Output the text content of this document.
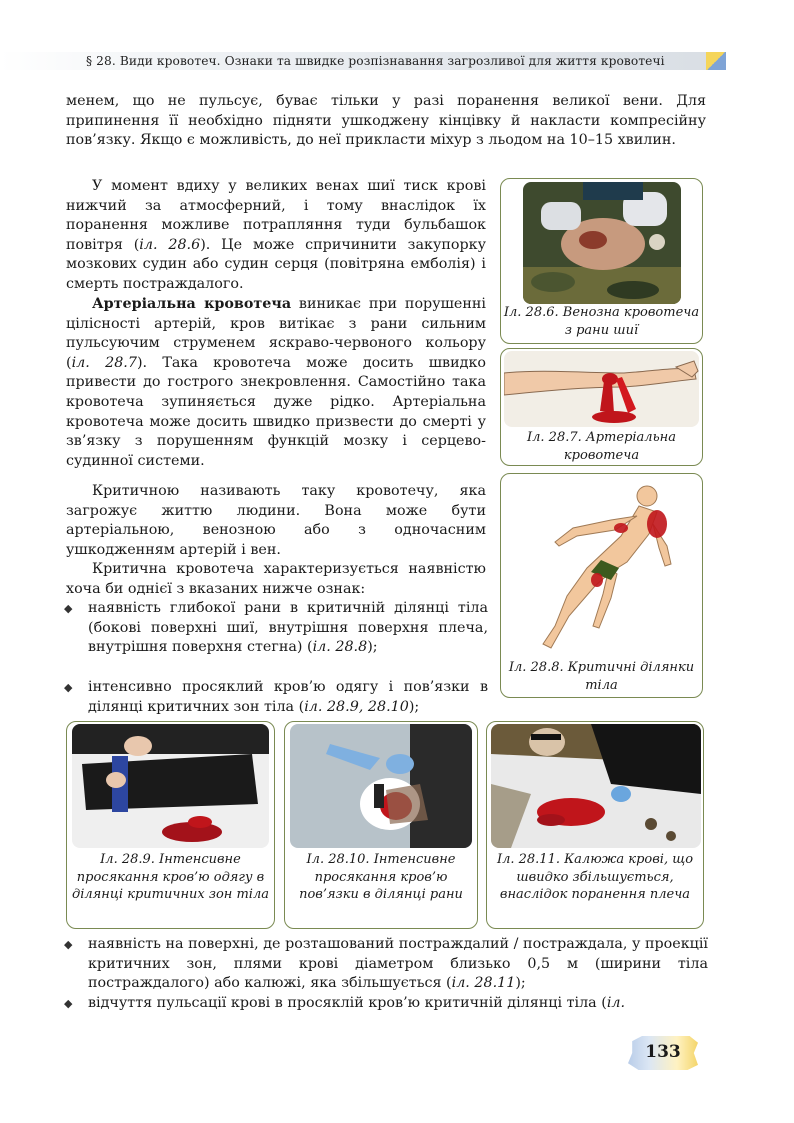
§ 28. Види кровотеч. Ознаки та швидке розпізнавання загрозливої для життя кровотечі
менем, що не пульсує, буває тільки у разі поранення великої вени. Для припинення її необхідно підняти ушкоджену кінцівку й накласти компресійну пов’язку. Якщо є можливість, до неї прикласти міхур з льодом на 10–15 хвилин.
У момент вдиху у великих венах шиї тиск крові нижчий за атмосферний, і тому внаслідок їх поранення можливе потрапляння туди бульбашок повітря (іл. 28.6). Це може спричинити закупорку мозкових судин або судин серця (повітряна емболія) і смерть постраждалого.
Артеріальна кровотеча виникає при порушенні цілісності артерій, кров витікає з рани сильним пульсуючим струменем яскраво-червоного кольору (іл. 28.7). Така кровотеча може досить швидко привести до гострого знекровлення. Самостійно така кровотеча зупиняється дуже рідко. Артеріальна кровотеча може досить швидко призвести до смерті у зв’язку з порушенням функцій мозку і серцево-судинної системи.
Критичною називають таку кровотечу, яка загрожує життю людини. Вона може бути артеріальною, венозною або з одночасним ушкодженням артерій і вен.
Критична кровотеча характеризується наявністю хоча би однієї з вказаних нижче ознак:
◆ наявність глибокої рани в критичній ділянці тіла (бокові поверхні шиї, внутрішня поверхня плеча, внутрішня поверхня стегна) (іл. 28.8);
◆ інтенсивно просяклий кров’ю одягу і пов’язки в ділянці критичних зон тіла (іл. 28.9, 28.10);
Іл. 28.6. Венозна кровотеча з рани шиї
Іл. 28.7. Артеріальна кровотеча
Іл. 28.8. Критичні ділянки тіла
Іл. 28.9. Інтенсивне просякання кров’ю одягу в ділянці критичних зон тіла
Іл. 28.10. Інтенсивне просякання кров’ю пов’язки в ділянці рани
Іл. 28.11. Калюжа крові, що швидко збільшується, внаслідок поранення плеча
◆ наявність на поверхні, де розташований постраждалий / постраждала, у проекції критичних зон, плями крові діаметром близько 0,5 м (ширини тіла постраждалого) або калюжі, яка збільшується (іл. 28.11);
◆ відчуття пульсації крові в просяклій кров’ю критичній ділянці тіла (іл.
133
